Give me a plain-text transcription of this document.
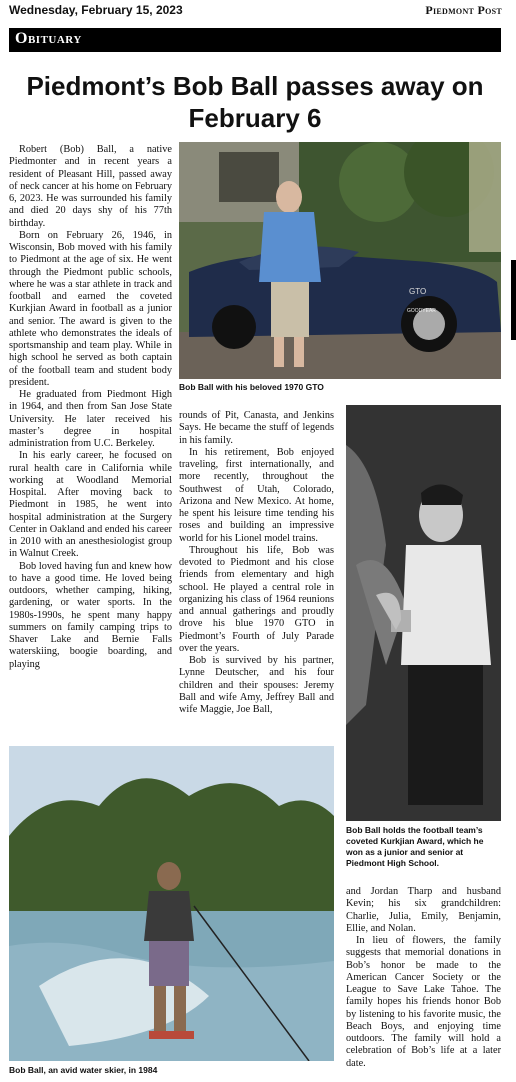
Wednesday, February 15, 2023	Piedmont Post
Obituary
Piedmont’s Bob Ball passes away on February 6
GTO
GOODYEAR
Bob Ball with his beloved 1970 GTO
Bob Ball holds the football team’s coveted Kurkjian Award, which he won as a junior and senior at Piedmont High School.
Bob Ball, an avid water skier, in 1984

Robert (Bob) Ball, a native Piedmonter and in recent years a resident of Pleasant Hill, passed away of neck cancer at his home on February 6, 2023. He was surrounded his family and died 20 days shy of his 77th birthday.

Born on February 26, 1946, in Wisconsin, Bob moved with his family to Piedmont at the age of six. He went through the Piedmont public schools, where he was a star athlete in track and football and earned the coveted Kurkjian Award in football as a junior and senior. The award is given to the athlete who demonstrates the ideals of sportsmanship and team play. While in high school he served as both captain of the football team and student body president.

He graduated from Piedmont High in 1964, and then from San Jose State University. He later received his master’s degree in hospital administration from U.C. Berkeley.

In his early career, he focused on rural health care in California while working at Woodland Memorial Hospital. After moving back to Piedmont in 1985, he went into hospital administration at the Surgery Center in Oakland and ended his career in 2010 with an anesthesiologist group in Walnut Creek.

Bob loved having fun and knew how to have a good time. He loved being outdoors, whether camping, hiking, gardening, or water sports. In the 1980s-1990s, he spent many happy summers on family camping trips to Shaver Lake and Bernie Falls waterskiing, boogie boarding, and playing

rounds of Pit, Canasta, and Jenkins Says. He became the stuff of legends in his family.

In his retirement, Bob enjoyed traveling, first internationally, and more recently, throughout the Southwest of Utah, Colorado, Arizona and New Mexico. At home, he spent his leisure time tending his roses and building an impressive world for his Lionel model trains.

Throughout his life, Bob was devoted to Piedmont and his close friends from elementary and high school. He played a central role in organizing his class of 1964 reunions and annual gatherings and proudly drove his blue 1970 GTO in Piedmont’s Fourth of July Parade over the years.

Bob is survived by his partner, Lynne Deutscher, and his four children and their spouses: Jeremy Ball and wife Amy, Jeffrey Ball and wife Maggie, Joe Ball,

and Jordan Tharp and husband Kevin; his six grandchildren: Charlie, Julia, Emily, Benjamin, Ellie, and Nolan.

In lieu of flowers, the family suggests that memorial donations in Bob’s honor be made to the American Cancer Society or the League to Save Lake Tahoe. The family hopes his friends honor Bob by listening to his favorite music, the Beach Boys, and enjoying time outdoors. The family will hold a celebration of Bob’s life at a later date.
